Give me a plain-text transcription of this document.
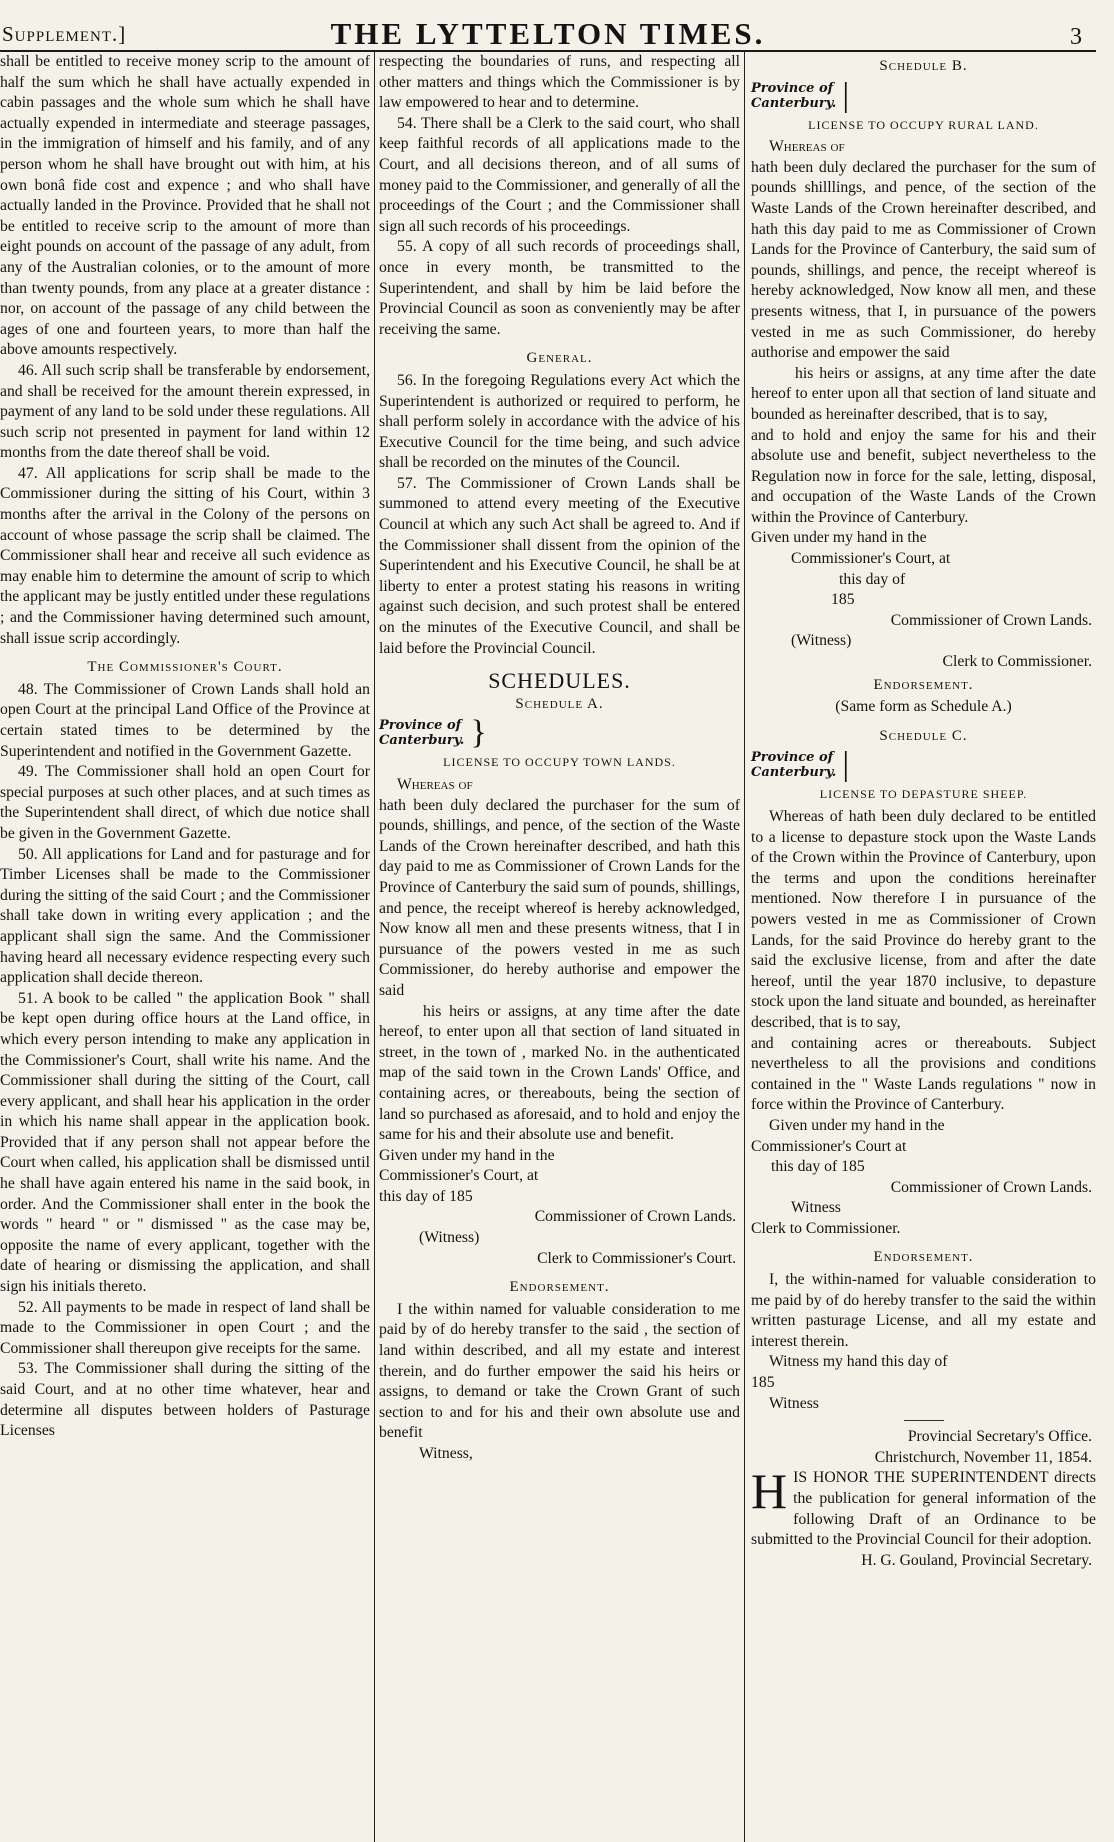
Supplement.]	THE LYTTELTON TIMES.	3

shall be entitled to receive money scrip to the amount of half the sum which he shall have actually expended in cabin passages and the whole sum which he shall have actually expended in intermediate and steerage passages, in the immigration of himself and his family, and of any person whom he shall have brought out with him, at his own bonâ fide cost and expence ; and who shall have actually landed in the Province. Provided that he shall not be entitled to receive scrip to the amount of more than eight pounds on account of the passage of any adult, from any of the Australian colonies, or to the amount of more than twenty pounds, from any place at a greater distance : nor, on account of the passage of any child between the ages of one and fourteen years, to more than half the above amounts respectively.

46. All such scrip shall be transferable by endorsement, and shall be received for the amount therein expressed, in payment of any land to be sold under these regulations. All such scrip not presented in payment for land within 12 months from the date thereof shall be void.

47. All applications for scrip shall be made to the Commissioner during the sitting of his Court, within 3 months after the arrival in the Colony of the persons on account of whose passage the scrip shall be claimed. The Commissioner shall hear and receive all such evidence as may enable him to determine the amount of scrip to which the applicant may be justly entitled under these regulations ; and the Commissioner having determined such amount, shall issue scrip accordingly.

The Commissioner's Court.

48. The Commissioner of Crown Lands shall hold an open Court at the principal Land Office of the Province at certain stated times to be determined by the Superintendent and notified in the Government Gazette.

49. The Commissioner shall hold an open Court for special purposes at such other places, and at such times as the Superintendent shall direct, of which due notice shall be given in the Government Gazette.

50. All applications for Land and for pasturage and for Timber Licenses shall be made to the Commissioner during the sitting of the said Court ; and the Commissioner shall take down in writing every application ; and the applicant shall sign the same. And the Commissioner having heard all necessary evidence respecting every such application shall decide thereon.

51. A book to be called " the application Book " shall be kept open during office hours at the Land office, in which every person intending to make any application in the Commissioner's Court, shall write his name. And the Commissioner shall during the sitting of the Court, call every applicant, and shall hear his application in the order in which his name shall appear in the application book. Provided that if any person shall not appear before the Court when called, his application shall be dismissed until he shall have again entered his name in the said book, in order. And the Commissioner shall enter in the book the words " heard " or " dismissed " as the case may be, opposite the name of every applicant, together with the date of hearing or dismissing the application, and shall sign his initials thereto.

52. All payments to be made in respect of land shall be made to the Commissioner in open Court ; and the Commissioner shall thereupon give receipts for the same.

53. The Commissioner shall during the sitting of the said Court, and at no other time whatever, hear and determine all disputes between holders of Pasturage Licenses

respecting the boundaries of runs, and respecting all other matters and things which the Commissioner is by law empowered to hear and to determine.

54. There shall be a Clerk to the said court, who shall keep faithful records of all applications made to the Court, and all decisions thereon, and of all sums of money paid to the Commissioner, and generally of all the proceedings of the Court ; and the Commissioner shall sign all such records of his proceedings.

55. A copy of all such records of proceedings shall, once in every month, be transmitted to the Superintendent, and shall by him be laid before the Provincial Council as soon as conveniently may be after receiving the same.

General.

56. In the foregoing Regulations every Act which the Superintendent is authorized or required to perform, he shall perform solely in accordance with the advice of his Executive Council for the time being, and such advice shall be recorded on the minutes of the Council.

57. The Commissioner of Crown Lands shall be summoned to attend every meeting of the Executive Council at which any such Act shall be agreed to. And if the Commissioner shall dissent from the opinion of the Superintendent and his Executive Council, he shall be at liberty to enter a protest stating his reasons in writing against such decision, and such protest shall be entered on the minutes of the Executive Council, and shall be laid before the Provincial Council.

SCHEDULES.
Schedule A.
Province of
Canterbury. }
LICENSE TO OCCUPY TOWN LANDS.

Whereas of

hath been duly declared the purchaser for the sum of pounds, shillings, and pence, of the section of the Waste Lands of the Crown hereinafter described, and hath this day paid to me as Commissioner of Crown Lands for the Province of Canterbury the said sum of pounds, shillings, and pence, the receipt whereof is hereby acknowledged, Now know all men and these presents witness, that I in pursuance of the powers vested in me as such Commissioner, do hereby authorise and empower the said

his heirs or assigns, at any time after the date hereof, to enter upon all that section of land situated in street, in the town of , marked No. in the authenticated map of the said town in the Crown Lands' Office, and containing acres, or thereabouts, being the section of land so purchased as aforesaid, and to hold and enjoy the same for his and their absolute use and benefit.

Given under my hand in the

Commissioner's Court, at

this day of 185

Commissioner of Crown Lands.

(Witness)

Clerk to Commissioner's Court.

Endorsement.

I the within named for valuable consideration to me paid by of do hereby transfer to the said , the section of land within described, and all my estate and interest therein, and do further empower the said his heirs or assigns, to demand or take the Crown Grant of such section to and for his and their own absolute use and benefit

Witness,

Schedule B.
Province of
Canterbury. |
LICENSE TO OCCUPY RURAL LAND.

Whereas of

hath been duly declared the purchaser for the sum of pounds shilllings, and pence, of the section of the Waste Lands of the Crown hereinafter described, and hath this day paid to me as Commissioner of Crown Lands for the Province of Canterbury, the said sum of pounds, shillings, and pence, the receipt whereof is hereby acknowledged, Now know all men, and these presents witness, that I, in pursuance of the powers vested in me as such Commissioner, do hereby authorise and empower the said

his heirs or assigns, at any time after the date hereof to enter upon all that section of land situate and bounded as hereinafter described, that is to say,

and to hold and enjoy the same for his and their absolute use and benefit, subject nevertheless to the Regulation now in force for the sale, letting, disposal, and occupation of the Waste Lands of the Crown within the Province of Canterbury.

Given under my hand in the

Commissioner's Court, at

this day of

185

Commissioner of Crown Lands.

(Witness)

Clerk to Commissioner.

Endorsement.

(Same form as Schedule A.)

Schedule C.
Province of
Canterbury. |
LICENSE TO DEPASTURE SHEEP.

Whereas of hath been duly declared to be entitled to a license to depasture stock upon the Waste Lands of the Crown within the Province of Canterbury, upon the terms and upon the conditions hereinafter mentioned. Now therefore I in pursuance of the powers vested in me as Commissioner of Crown Lands, for the said Province do hereby grant to the said the exclusive license, from and after the date hereof, until the year 1870 inclusive, to depasture stock upon the land situate and bounded, as hereinafter described, that is to say,

and containing acres or thereabouts. Subject nevertheless to all the provisions and conditions contained in the " Waste Lands regulations " now in force within the Province of Canterbury.

Given under my hand in the

Commissioner's Court at

this day of 185

Commissioner of Crown Lands.

Witness

Clerk to Commissioner.

Endorsement.

I, the within-named for valuable consideration to me paid by of do hereby transfer to the said the within written pasturage License, and all my estate and interest therein.

Witness my hand this day of

185

Witness

Provincial Secretary's Office.

Christchurch, November 11, 1854.

HIS HONOR THE SUPERINTENDENT directs the publication for general information of the following Draft of an Ordinance to be submitted to the Provincial Council for their adoption.

H. G. Gouland, Provincial Secretary.
